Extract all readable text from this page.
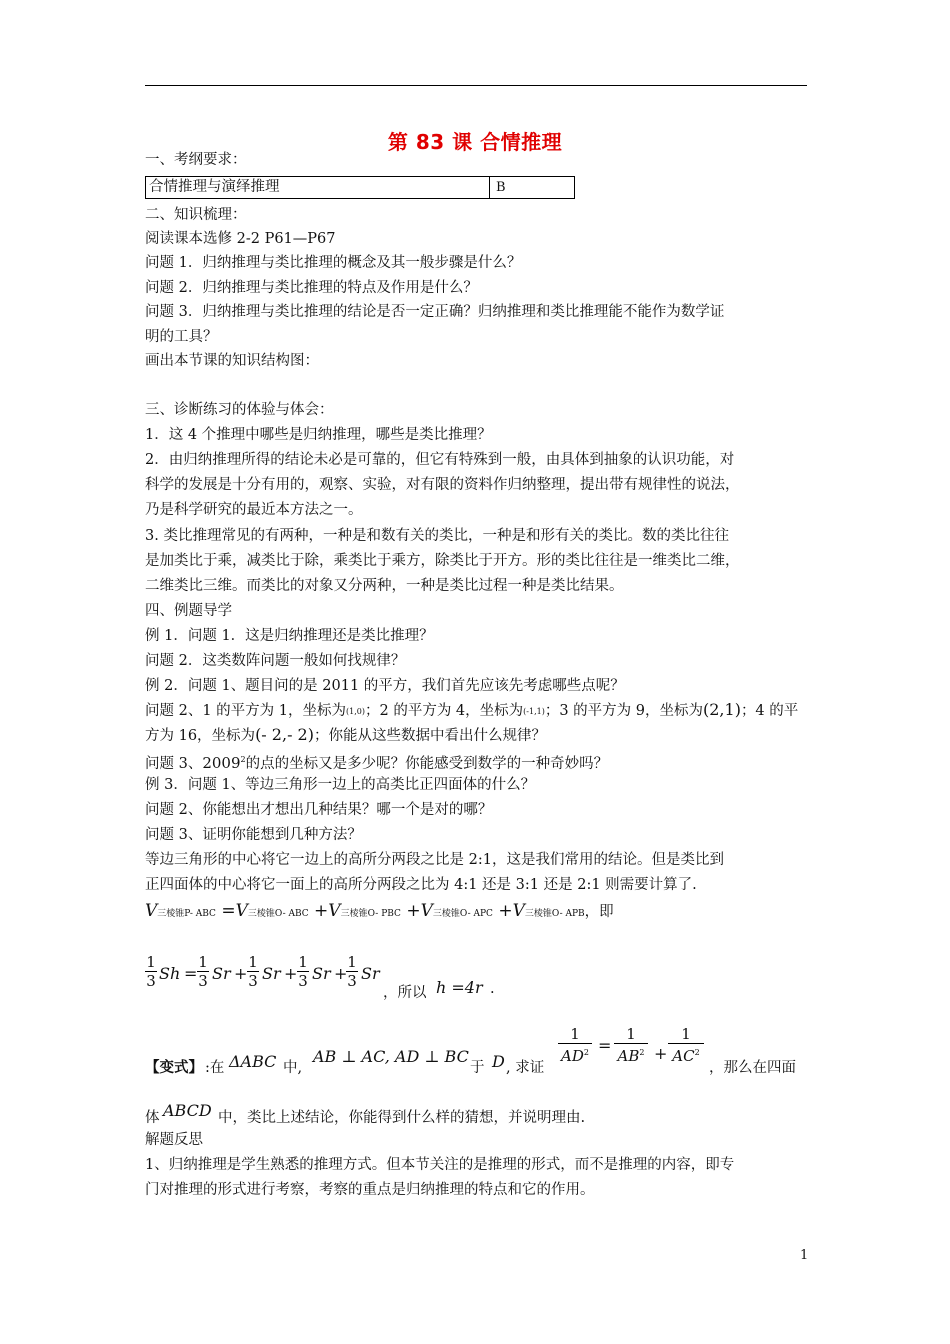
第 83 课 合情推理
一、考纲要求：
合情推理与演绎推理	B
二、知识梳理：
阅读课本选修 2-2 P61—P67
问题 1．归纳推理与类比推理的概念及其一般步骤是什么？
问题 2．归纳推理与类比推理的特点及作用是什么？
问题 3．归纳推理与类比推理的结论是否一定正确？归纳推理和类比推理能不能作为数学证
明的工具？
画出本节课的知识结构图：
三、诊断练习的体验与体会：
1．这 4 个推理中哪些是归纳推理，哪些是类比推理？
2．由归纳推理所得的结论未必是可靠的，但它有特殊到一般，由具体到抽象的认识功能，对
科学的发展是十分有用的，观察、实验，对有限的资料作归纳整理，提出带有规律性的说法，
乃是科学研究的最近本方法之一。
3. 类比推理常见的有两种，一种是和数有关的类比，一种是和形有关的类比。数的类比往往
是加类比于乘，减类比于除，乘类比于乘方，除类比于开方。形的类比往往是一维类比二维，
二维类比三维。而类比的对象又分两种，一种是类比过程一种是类比结果。
四、例题导学
例 1．问题 1．这是归纳推理还是类比推理？
问题 2．这类数阵问题一般如何找规律？
例 2．问题 1、题目问的是 2011 的平方，我们首先应该先考虑哪些点呢？
问题 2、1 的平方为 1，坐标为(1,0)；2 的平方为 4，坐标为(-1,1)；3 的平方为 9，坐标为(2,1)；4 的平
方为 16，坐标为(- 2,- 2)；你能从这些数据中看出什么规律？
问题 3、2009$^2$的点的坐标又是多少呢？你能感受到数学的一种奇妙吗？
例 3．问题 1、等边三角形一边上的高类比正四面体的什么？
问题 2、你能想出才想出几种结果？哪一个是对的哪？
问题 3、证明你能想到几种方法？
等边三角形的中心将它一边上的高所分两段之比是 2:1，这是我们常用的结论。但是类比到
正四面体的中心将它一面上的高所分两段之比为 4:1 还是 3:1 还是 2:1 则需要计算了.
V三棱锥P- ABC =V三棱锥O- ABC +V三棱锥O- PBC +V三棱锥O- APC +V三棱锥O- APB，即
1
3 Sh =
1
3 Sr +
1
3 Sr +
1
3 Sr +
1
3 Sr
，所以 h =4r .
【变式】 :在 ΔABC 中,
AB ⊥ AC, AD ⊥ BC
于 D , 求证
1
$AD^2$ =
1
$AB^2$ +
1
$AC^2$
，那么在四面
体 ABCD 中，类比上述结论，你能得到什么样的猜想，并说明理由.
解题反思
1、归纳推理是学生熟悉的推理方式。但本节关注的是推理的形式，而不是推理的内容，即专
门对推理的形式进行考察，考察的重点是归纳推理的特点和它的作用。
1
